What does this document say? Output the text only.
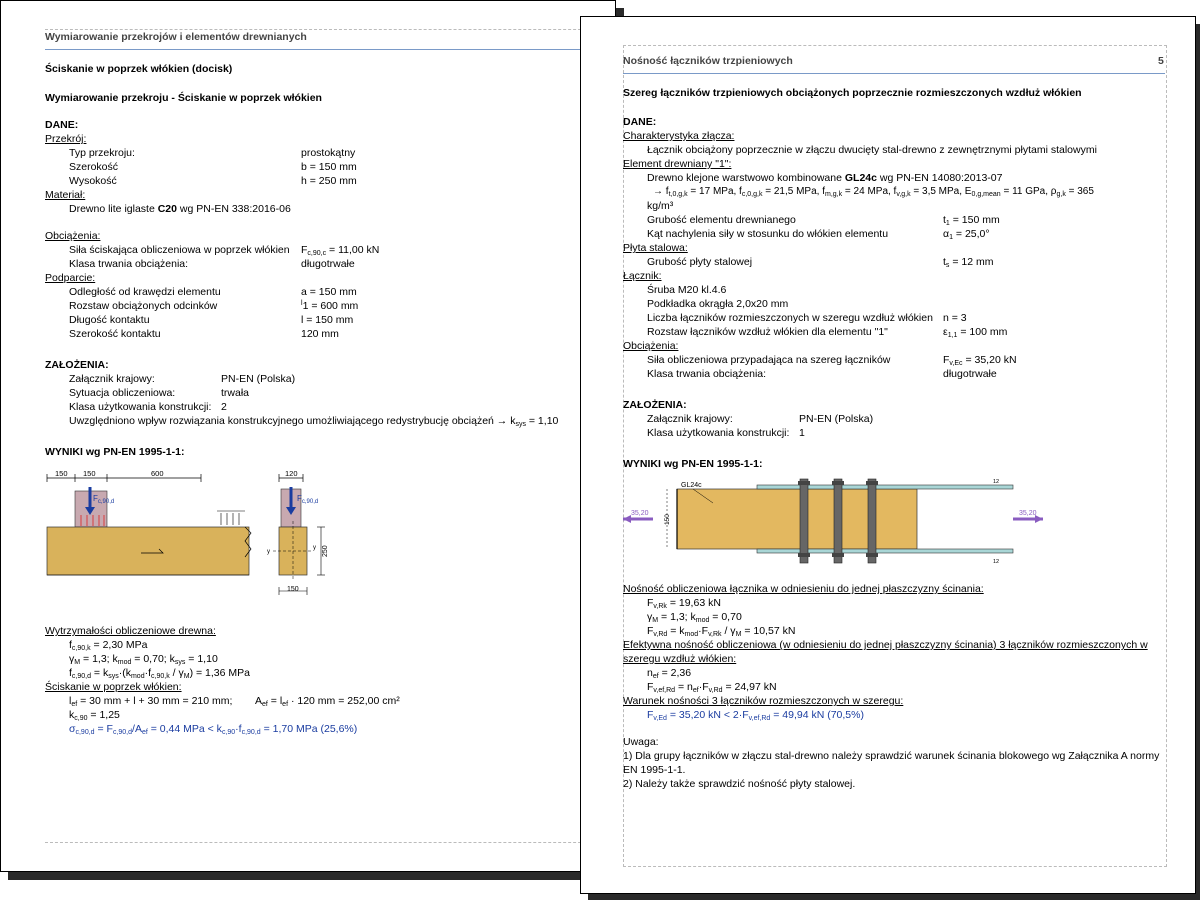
Wymiarowanie przekrojów i elementów drewnianych
Ściskanie w poprzek włókien (docisk)
Wymiarowanie przekroju - Ściskanie w poprzek włókien
DANE:
Przekrój:
Typ przekroju:	prostokątny
Szerokość	b = 150 mm
Wysokość	h = 250 mm
Materiał:
Drewno lite iglaste C20 wg PN-EN 338:2016-06
Obciążenia:
Siła ściskająca obliczeniowa w poprzek włókien $F_{c,90,c} = 11,00$ kN
Klasa trwania obciążenia:	długotrwałe
Podparcie:
Odległość od krawędzi elementu	a = 150 mm
Rozstaw obciążonych odcinków	$^l$1 = 600 mm
Długość kontaktu	l = 150 mm
Szerokość kontaktu	120 mm
ZAŁOŻENIA:
Załącznik krajowy:	PN-EN (Polska)
Sytuacja obliczeniowa:	trwała
Klasa użytkowania konstrukcji: 2
Uwzględniono wpływ rozwiązania konstrukcyjnego umożliwiającego redystrybucję obciążeń → $k_{sys} = 1,10$
WYNIKI wg PN-EN 1995-1-1:
150 150	600	120
$F_{c,90,d}$	$F_{c,90,d}$
y
y 250
150
Wytrzymałości obliczeniowe drewna:
$f_{c,90,k} = 2,30$ MPa
$\gamma_M = 1,3$; $k_{mod} = 0,70$; $k_{sys} = 1,10$
$f_{c,90,d} = k_{sys}\cdot(k_{mod}\cdot f_{c,90,k} / \gamma_M) = 1,36$ MPa
Ściskanie w poprzek włókien:
$l_{ef} = 30$ mm + l + 30 mm = 210 mm; $A_{ef} = l_{ef} \cdot 120$ mm = 252,00 cm²
$k_{c,90} = 1,25$
$\sigma_{c,90,d} = F_{c,90,d}/A_{ef} = 0,44$ MPa < $k_{c,90}\cdot f_{c,90,d} = 1,70$ MPa (25,6%)
Nośność łączników trzpieniowych	5
Szereg łączników trzpieniowych obciążonych poprzecznie rozmieszczonych wzdłuż włókien
DANE:
Charakterystyka złącza:
Łącznik obciążony poprzecznie w złączu dwucięty stal-drewno z zewnętrznymi płytami stalowymi
Element drewniany "1":
Drewno klejone warstwowo kombinowane GL24c wg PN-EN 14080:2013-07
→ $f_{t,0,g,k} = 17$ MPa, $f_{c,0,g,k} = 21,5$ MPa, $f_{m,g,k} = 24$ MPa, $f_{v,g,k} = 3,5$ MPa, $E_{0,g,mean} = 11$ GPa, $\rho_{g,k} = 365$
kg/m³
Grubość elementu drewnianego	$t_1 = 150$ mm
Kąt nachylenia siły w stosunku do włókien elementu	$\alpha_1 = 25,0^\circ$
Płyta stalowa:
Grubość płyty stalowej	$t_s = 12$ mm
Łącznik:
Śruba M20 kl.4.6
Podkładka okrągła 2,0x20 mm
Liczba łączników rozmieszczonych w szeregu wzdłuż włókien n = 3
Rozstaw łączników wzdłuż włókien dla elementu "1"	$\varepsilon_{1,1} = 100$ mm
Obciążenia:
Siła obliczeniowa przypadająca na szereg łączników	$F_{v,Ec} = 35,20$ kN
Klasa trwania obciążenia:	długotrwałe
ZAŁOŻENIA:
Załącznik krajowy:	PN-EN (Polska)
Klasa użytkowania konstrukcji: 1
WYNIKI wg PN-EN 1995-1-1:
35,20	35,20
150
GL24c	12
12
Nośność obliczeniowa łącznika w odniesieniu do jednej płaszczyzny ścinania:
$F_{v,Rk} = 19,63$ kN
$\gamma_M = 1,3$; $k_{mod} = 0,70$
$F_{v,Rd} = k_{mod}\cdot F_{v,Rk} / \gamma_M = 10,57$ kN
Efektywna nośność obliczeniowa (w odniesieniu do jednej płaszczyzny ścinania) 3 łączników rozmieszczonych w szeregu wzdłuż włókien:
$n_{ef} = 2,36$
$F_{v,ef,Rd} = n_{ef}\cdot F_{v,Rd} = 24,97$ kN
Warunek nośności 3 łączników rozmieszczonych w szeregu:
$F_{v,Ed} = 35,20$ kN < $2\cdot F_{v,ef,Rd} = 49,94$ kN (70,5%)
Uwaga:
1) Dla grupy łączników w złączu stal-drewno należy sprawdzić warunek ścinania blokowego wg Załącznika A normy EN 1995-1-1.
2) Należy także sprawdzić nośność płyty stalowej.
